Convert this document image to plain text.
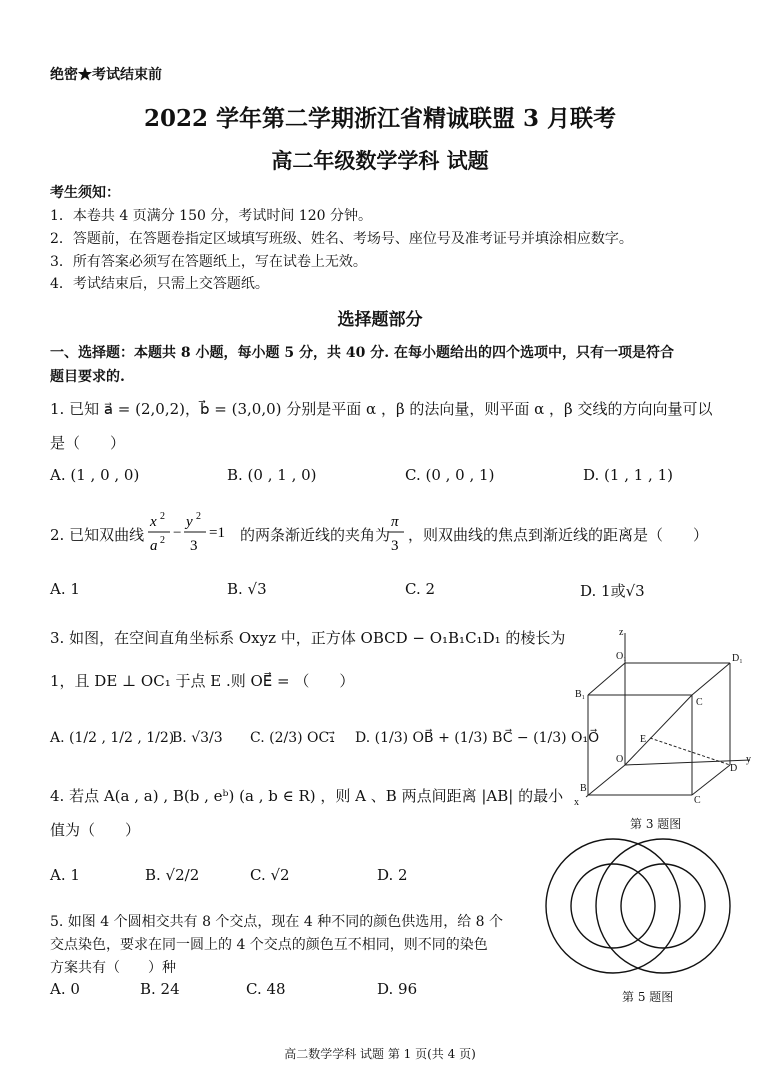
绝密★考试结束前
2022 学年第二学期浙江省精诚联盟 3 月联考
高二年级数学学科 试题
考生须知：
1．本卷共 4 页满分 150 分，考试时间 120 分钟。
2．答题前，在答题卷指定区域填写班级、姓名、考场号、座位号及准考证号并填涂相应数字。
3．所有答案必须写在答题纸上，写在试卷上无效。
4．考试结束后，只需上交答题纸。
选择题部分
一、选择题：本题共 8 小题，每小题 5 分，共 40 分. 在每小题给出的四个选项中，只有一项是符合
题目要求的.
1. 已知 a⃗ = (2,0,2)，b⃗ = (3,0,0) 分别是平面 α ，β 的法向量，则平面 α ，β 交线的方向向量可以
是（　　）
A. (1 , 0 , 0)	B. (0 , 1 , 0)	C. (0 , 0 , 1)	D. (1 , 1 , 1)
2. 已知双曲线
x 2
a 2 −
y 2
3
=1 的两条渐近线的夹角为
π
3
，则双曲线的焦点到渐近线的距离是（　　）
A. 1	B. √3	C. 2	D. 1或√3
3. 如图，在空间直角坐标系 Oxyz 中，正方体 OBCD − O₁B₁C₁D₁ 的棱长为
1，且 DE ⊥ OC₁ 于点 E .则 OE⃗ = （　　）
A. (1/2 , 1/2 , 1/2)
B. √3/3 C. (2/3) OC₁⃗ D. (1/3) OB⃗ + (1/3) BC⃗ − (1/3) O₁O⃗
z
O₁
B₁
C
D₁
E
O
D
y
B
x	C
第 3 题图
4. 若点 A(a , a) , B(b , eᵇ) (a , b ∈ R) ，则 A 、B 两点间距离 |AB| 的最小
值为（　　）
A. 1	B. √2/2	C. √2	D. 2
5. 如图 4 个圆相交共有 8 个交点，现在 4 种不同的颜色供选用，给 8 个
交点染色，要求在同一圆上的 4 个交点的颜色互不相同，则不同的染色
方案共有（　　）种
A. 0	B. 24	C. 48	D. 96	第 5 题图
高二数学学科 试题 第 1 页(共 4 页)
